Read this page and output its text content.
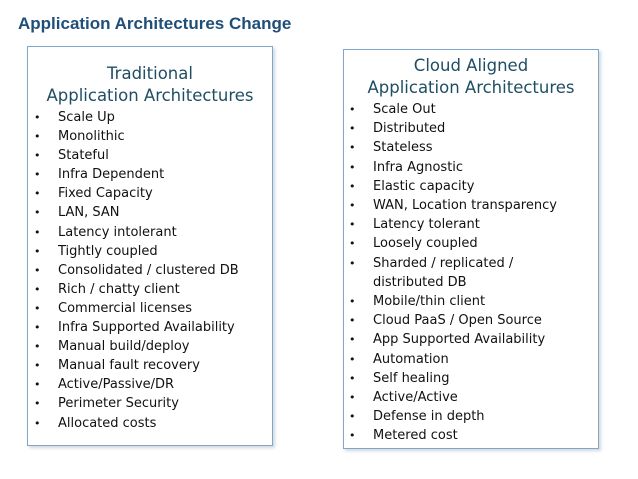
Application Architectures Change
Traditional
Application Architectures
• Scale Up
• Monolithic
• Stateful
• Infra Dependent
• Fixed Capacity
• LAN, SAN
• Latency intolerant
• Tightly coupled
• Consolidated / clustered DB
• Rich / chatty client
• Commercial licenses
• Infra Supported Availability
• Manual build/deploy
• Manual fault recovery
• Active/Passive/DR
• Perimeter Security
• Allocated costs
Cloud Aligned
Application Architectures
• Scale Out
• Distributed
• Stateless
• Infra Agnostic
• Elastic capacity
• WAN, Location transparency
• Latency tolerant
• Loosely coupled
• Sharded / replicated /
distributed DB
• Mobile/thin client
• Cloud PaaS / Open Source
• App Supported Availability
• Automation
• Self healing
• Active/Active
• Defense in depth
• Metered cost
